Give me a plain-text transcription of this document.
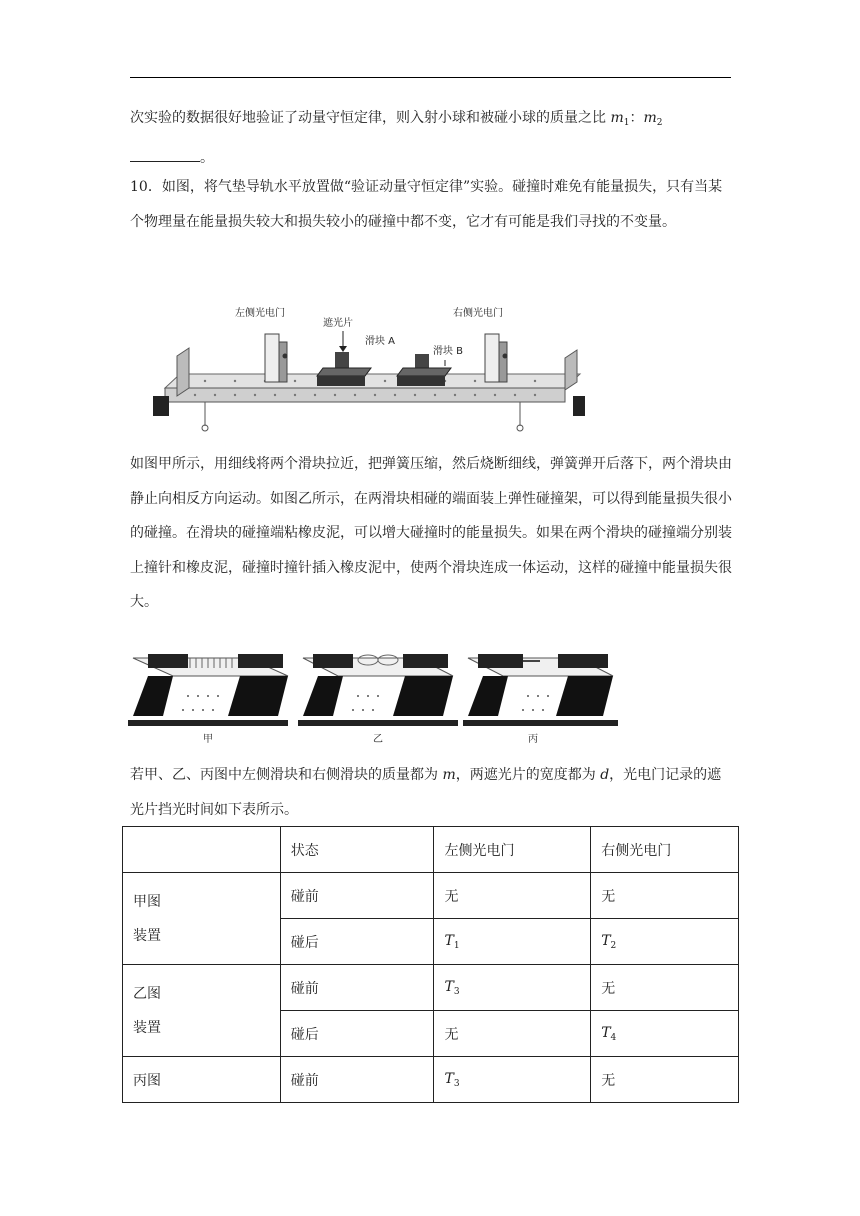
次实验的数据很好地验证了动量守恒定律，则入射小球和被碰小球的质量之比 $m_1$：$m_2$
。
10．如图，将气垫导轨水平放置做“验证动量守恒定律”实验。碰撞时难免有能量损失，只有当某个物理量在能量损失较大和损失较小的碰撞中都不变，它才有可能是我们寻找的不变量。
左侧光电门	右侧光电门
遮光片
滑块 A
滑块 B
如图甲所示，用细线将两个滑块拉近，把弹簧压缩，然后烧断细线，弹簧弹开后落下，两个滑块由静止向相反方向运动。如图乙所示，在两滑块相碰的端面装上弹性碰撞架，可以得到能量损失很小的碰撞。在滑块的碰撞端粘橡皮泥，可以增大碰撞时的能量损失。如果在两个滑块的碰撞端分别装上撞针和橡皮泥，碰撞时撞针插入橡皮泥中，使两个滑块连成一体运动，这样的碰撞中能量损失很大。
甲	乙	丙
若甲、乙、丙图中左侧滑块和右侧滑块的质量都为 m，两遮光片的宽度都为 d，光电门记录的遮光片挡光时间如下表所示。
	状态	左侧光电门	右侧光电门
甲图
装置	碰前	无	无
	碰后	$T_1$	$T_2$
乙图
装置	碰前	$T_3$	无
	碰后	无	$T_4$
丙图	碰前	$T_3$	无
